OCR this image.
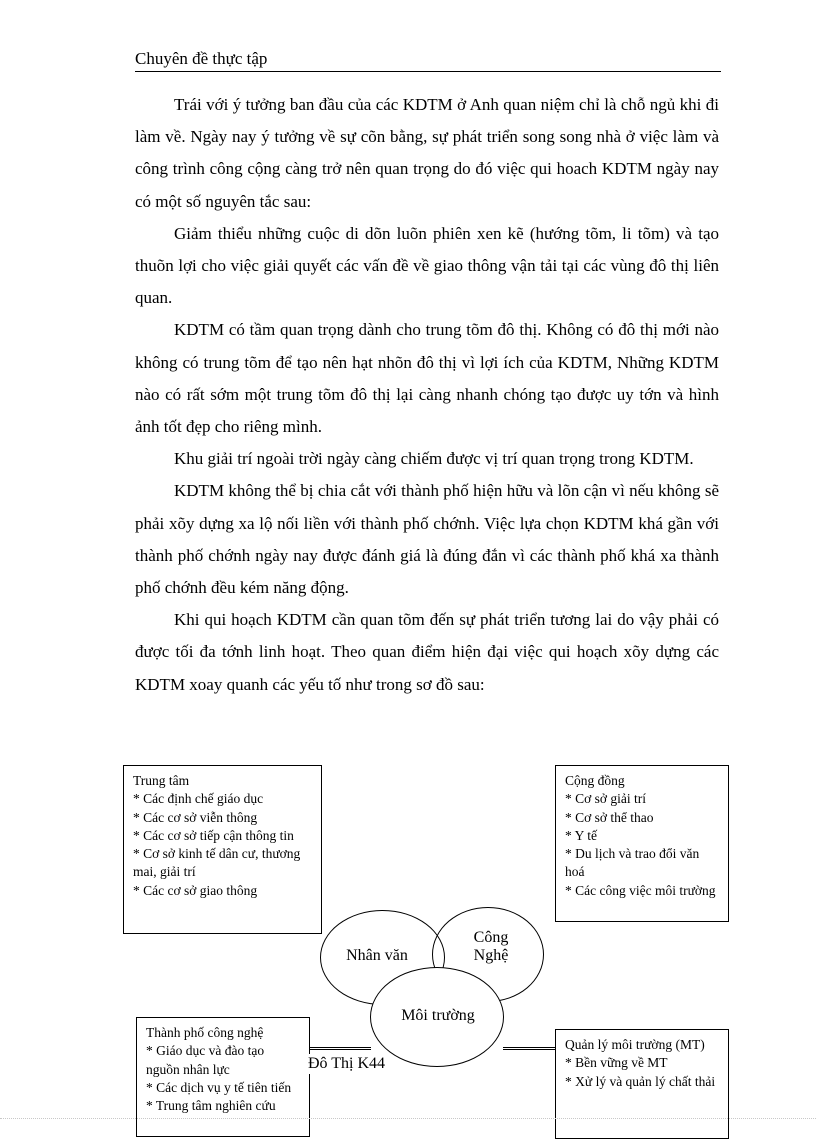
Chuyên đề thực tập

Trái với ý tưởng ban đầu của các KDTM ở Anh quan niệm chỉ là chỗ ngủ khi đi làm về. Ngày nay ý tưởng về sự cõn bằng, sự phát triển song song nhà ở việc làm và công trình công cộng càng trở nên quan trọng do đó việc qui hoach KDTM ngày nay có một số nguyên tắc sau:

Giảm thiểu những cuộc di dõn luõn phiên xen kẽ (hướng tõm, li tõm) và tạo thuõn lợi cho việc giải quyết các vấn đề về giao thông vận tải tại các vùng đô thị liên quan.

KDTM có tầm quan trọng dành cho trung tõm đô thị. Không có đô thị mới nào không có trung tõm để tạo nên hạt nhõn đô thị vì lợi ích của KDTM, Những KDTM nào có rất sớm một trung tõm đô thị lại càng nhanh chóng tạo được uy tớn và hình ảnh tốt đẹp cho riêng mình.

Khu giải trí ngoài trời ngày càng chiếm được vị trí quan trọng trong KDTM.

KDTM không thể bị chia cắt với thành phố hiện hữu và lõn cận vì nếu không sẽ phải xõy dựng xa lộ nối liền với thành phố chớnh. Việc lựa chọn KDTM khá gần với thành phố chớnh ngày nay được đánh giá là đúng đắn vì các thành phố khá xa thành phố chớnh đều kém năng động.

Khi qui hoạch KDTM cần quan tõm đến sự phát triển tương lai do vậy phải có được tối đa tớnh linh hoạt. Theo quan điểm hiện đại việc qui hoạch xõy dựng các KDTM xoay quanh các yếu tố như trong sơ đồ sau:

Trung tâm
* Các định chế giáo dục
* Các cơ sở viễn thông
* Các cơ sở tiếp cận thông tin
* Cơ sở kinh tế dân cư, thương mai, giải trí
* Các cơ sở giao thông
Cộng đồng
* Cơ sở giải trí
* Cơ sở thể thao
* Y tế
* Du lịch và trao đổi văn hoá
* Các công việc môi trường
Nhân văn
Công
Nghệ
Môi trường
Thành phố công nghệ
* Giáo dục và đào tạo nguồn nhân lực
* Các dịch vụ y tế tiên tiến
* Trung tâm nghiên cứu
Quản lý môi trường (MT)
* Bền vững về MT
* Xử lý và quản lý chất thải
Đô Thị K44
